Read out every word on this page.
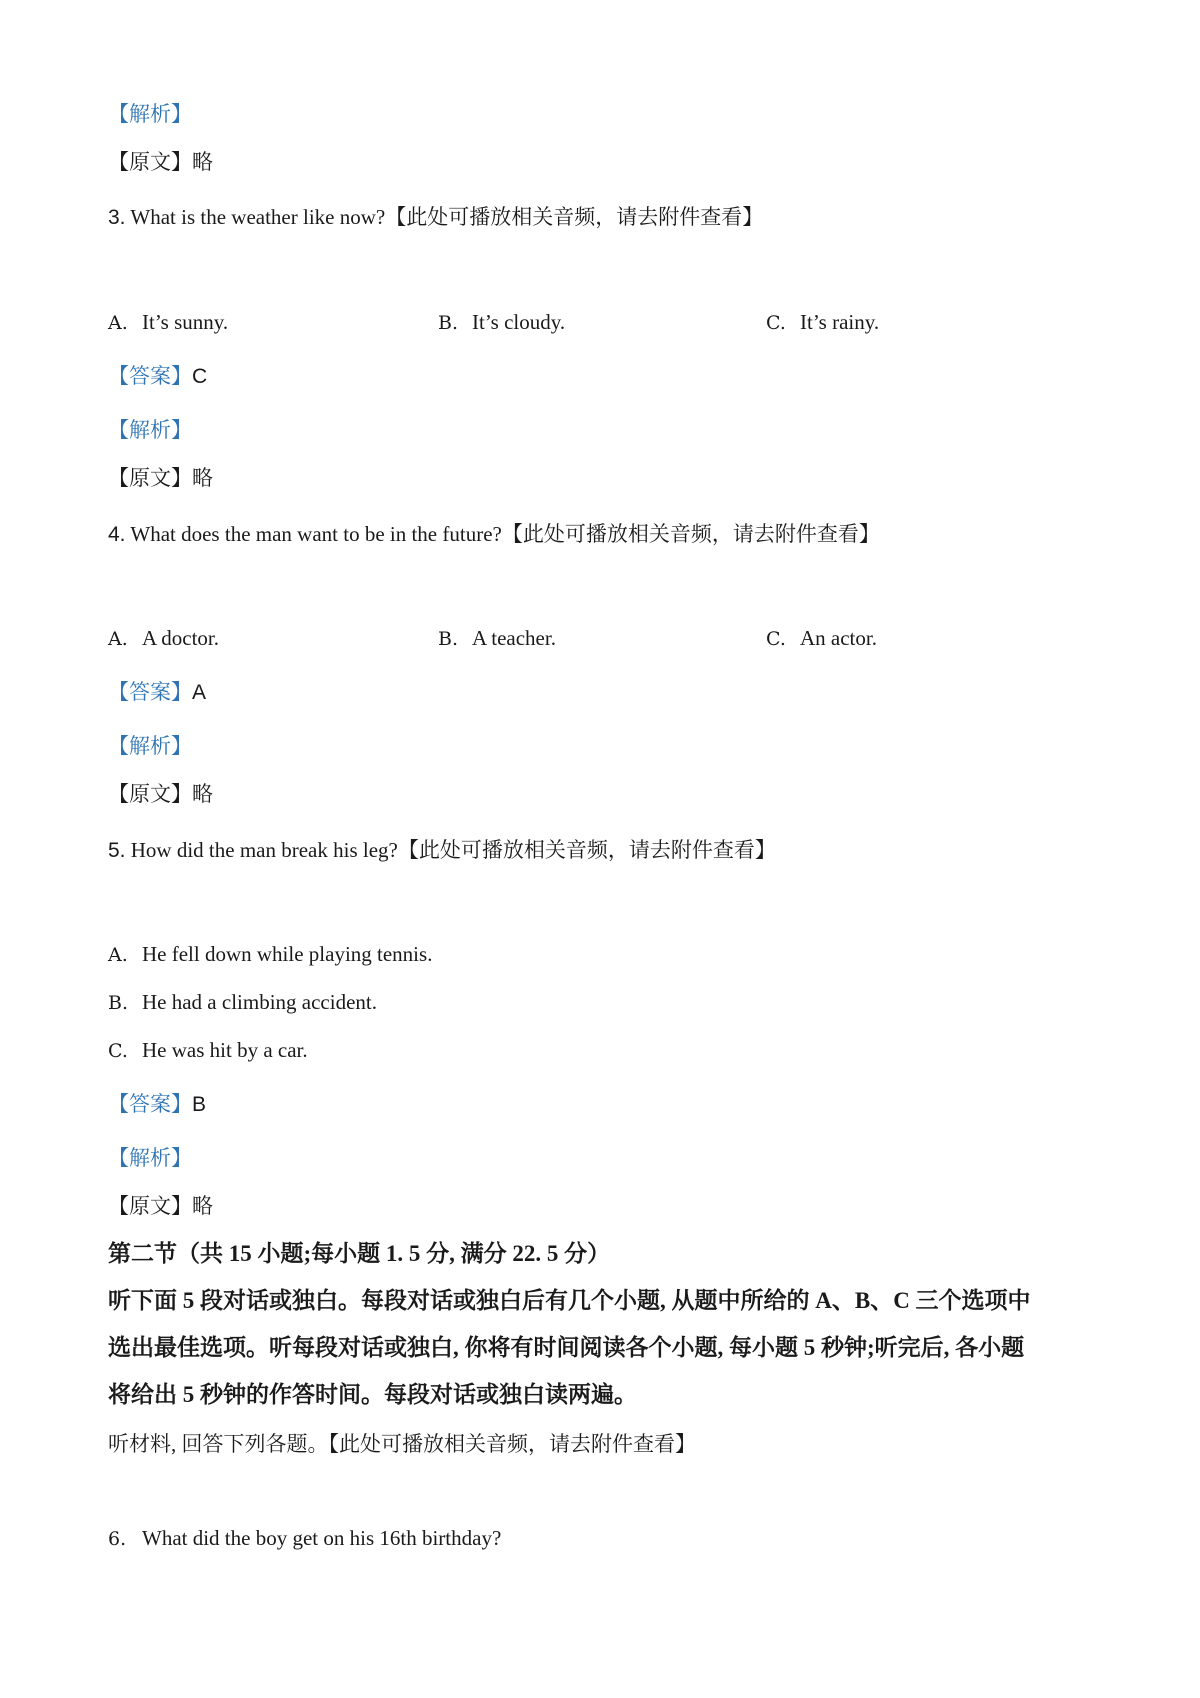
【解析】
【原文】略
3. What is the weather like now?【此处可播放相关音频，请去附件查看】
A. It’s sunny.	B. It’s cloudy.	C. It’s rainy.
【答案】C
【解析】
【原文】略
4. What does the man want to be in the future?【此处可播放相关音频，请去附件查看】
A. A doctor.	B. A teacher.	C. An actor.
【答案】A
【解析】
【原文】略
5. How did the man break his leg?【此处可播放相关音频，请去附件查看】
A. He fell down while playing tennis.
B. He had a climbing accident.
C. He was hit by a car.
【答案】B
【解析】
【原文】略
第二节（共 15 小题;每小题 1. 5 分, 满分 22. 5 分）
听下面 5 段对话或独白。每段对话或独白后有几个小题, 从题中所给的 A、B、C 三个选项中
选出最佳选项。听每段对话或独白, 你将有时间阅读各个小题, 每小题 5 秒钟;听完后, 各小题
将给出 5 秒钟的作答时间。每段对话或独白读两遍。
听材料, 回答下列各题。【此处可播放相关音频，请去附件查看】
6. What did the boy get on his 16th birthday?
